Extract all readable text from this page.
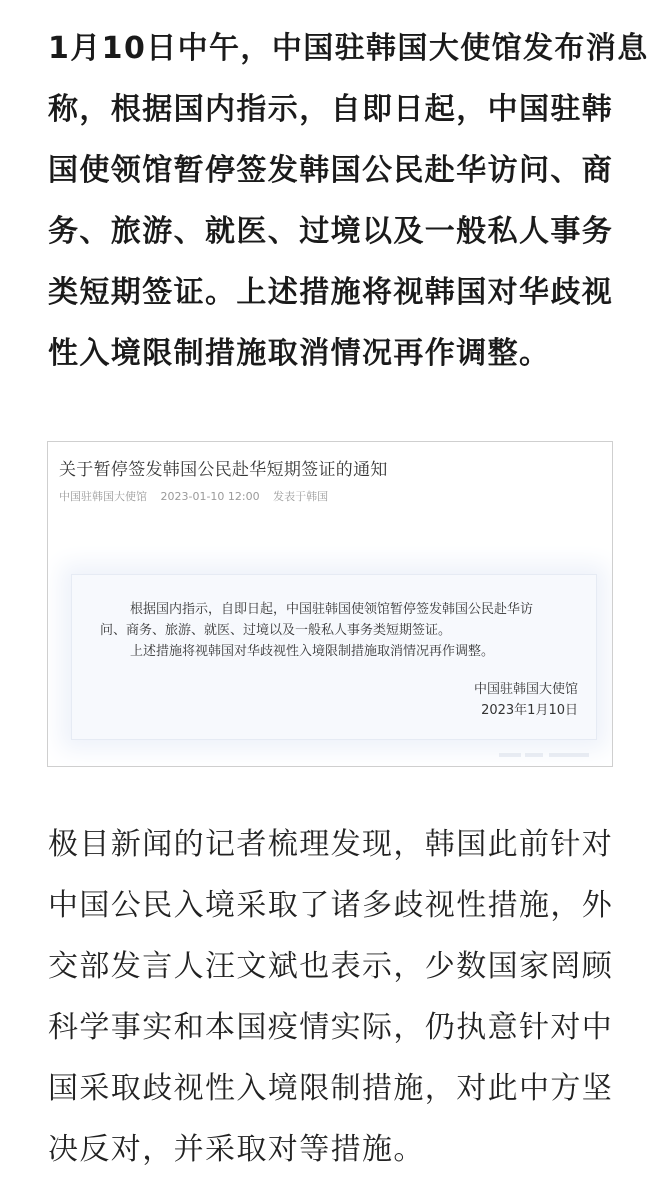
1月10日中午，中国驻韩国大使馆发布消息
称，根据国内指示，自即日起，中国驻韩
国使领馆暂停签发韩国公民赴华访问、商
务、旅游、就医、过境以及一般私人事务
类短期签证。上述措施将视韩国对华歧视
性入境限制措施取消情况再作调整。

关于暂停签发韩国公民赴华短期签证的通知
中国驻韩国大使馆 2023-01-10 12:00 发表于韩国

根据国内指示，自即日起，中国驻韩国使领馆暂停签发韩国公民赴华访
问、商务、旅游、就医、过境以及一般私人事务类短期签证。
上述措施将视韩国对华歧视性入境限制措施取消情况再作调整。

中国驻韩国大使馆
2023年1月10日

极目新闻的记者梳理发现，韩国此前针对
中国公民入境采取了诸多歧视性措施，外
交部发言人汪文斌也表示，少数国家罔顾
科学事实和本国疫情实际，仍执意针对中
国采取歧视性入境限制措施，对此中方坚
决反对，并采取对等措施。
